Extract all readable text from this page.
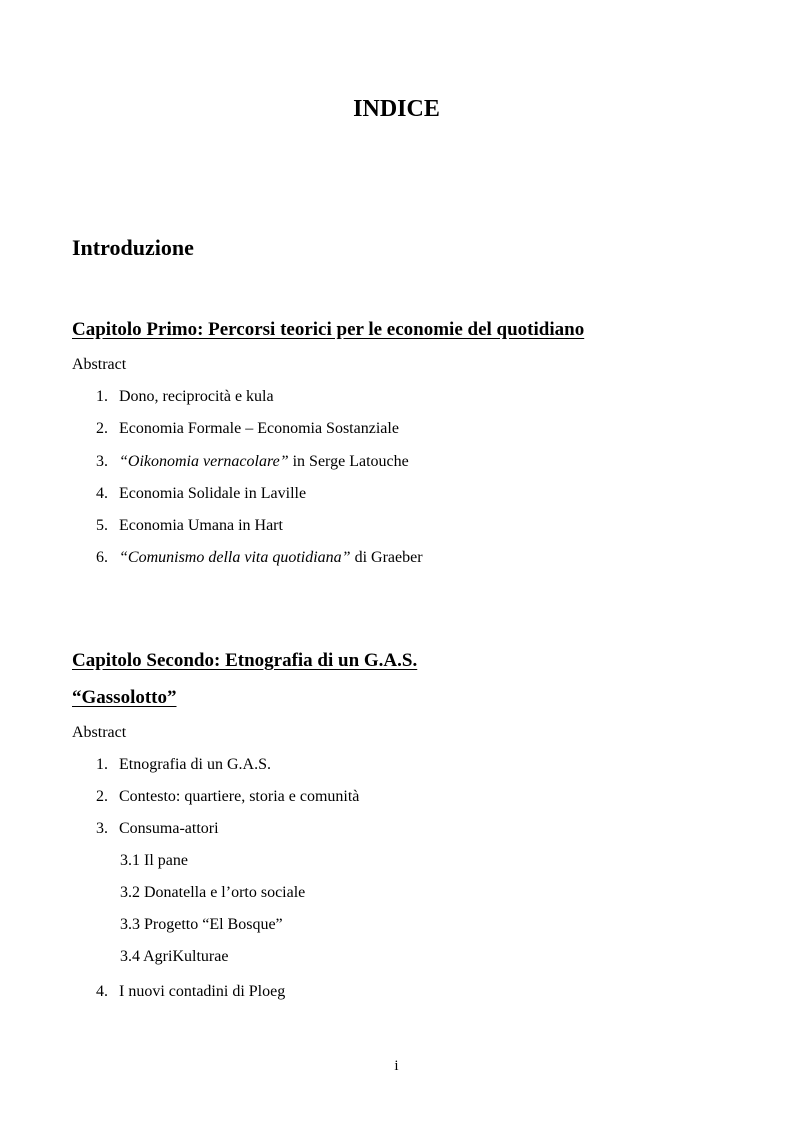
INDICE
Introduzione
Capitolo Primo: Percorsi teorici per le economie del quotidiano
Abstract
1. Dono, reciprocità e kula
2. Economia Formale – Economia Sostanziale
3. “Oikonomia vernacolare” in Serge Latouche
4. Economia Solidale in Laville
5. Economia Umana in Hart
6. “Comunismo della vita quotidiana” di Graeber
Capitolo Secondo: Etnografia di un G.A.S.
“Gassolotto”
Abstract
1. Etnografia di un G.A.S.
2. Contesto: quartiere, storia e comunità
3. Consuma-attori
3.1 Il pane
3.2 Donatella e l’orto sociale
3.3 Progetto “El Bosque”
3.4 AgriKulturae
4. I nuovi contadini di Ploeg
i
